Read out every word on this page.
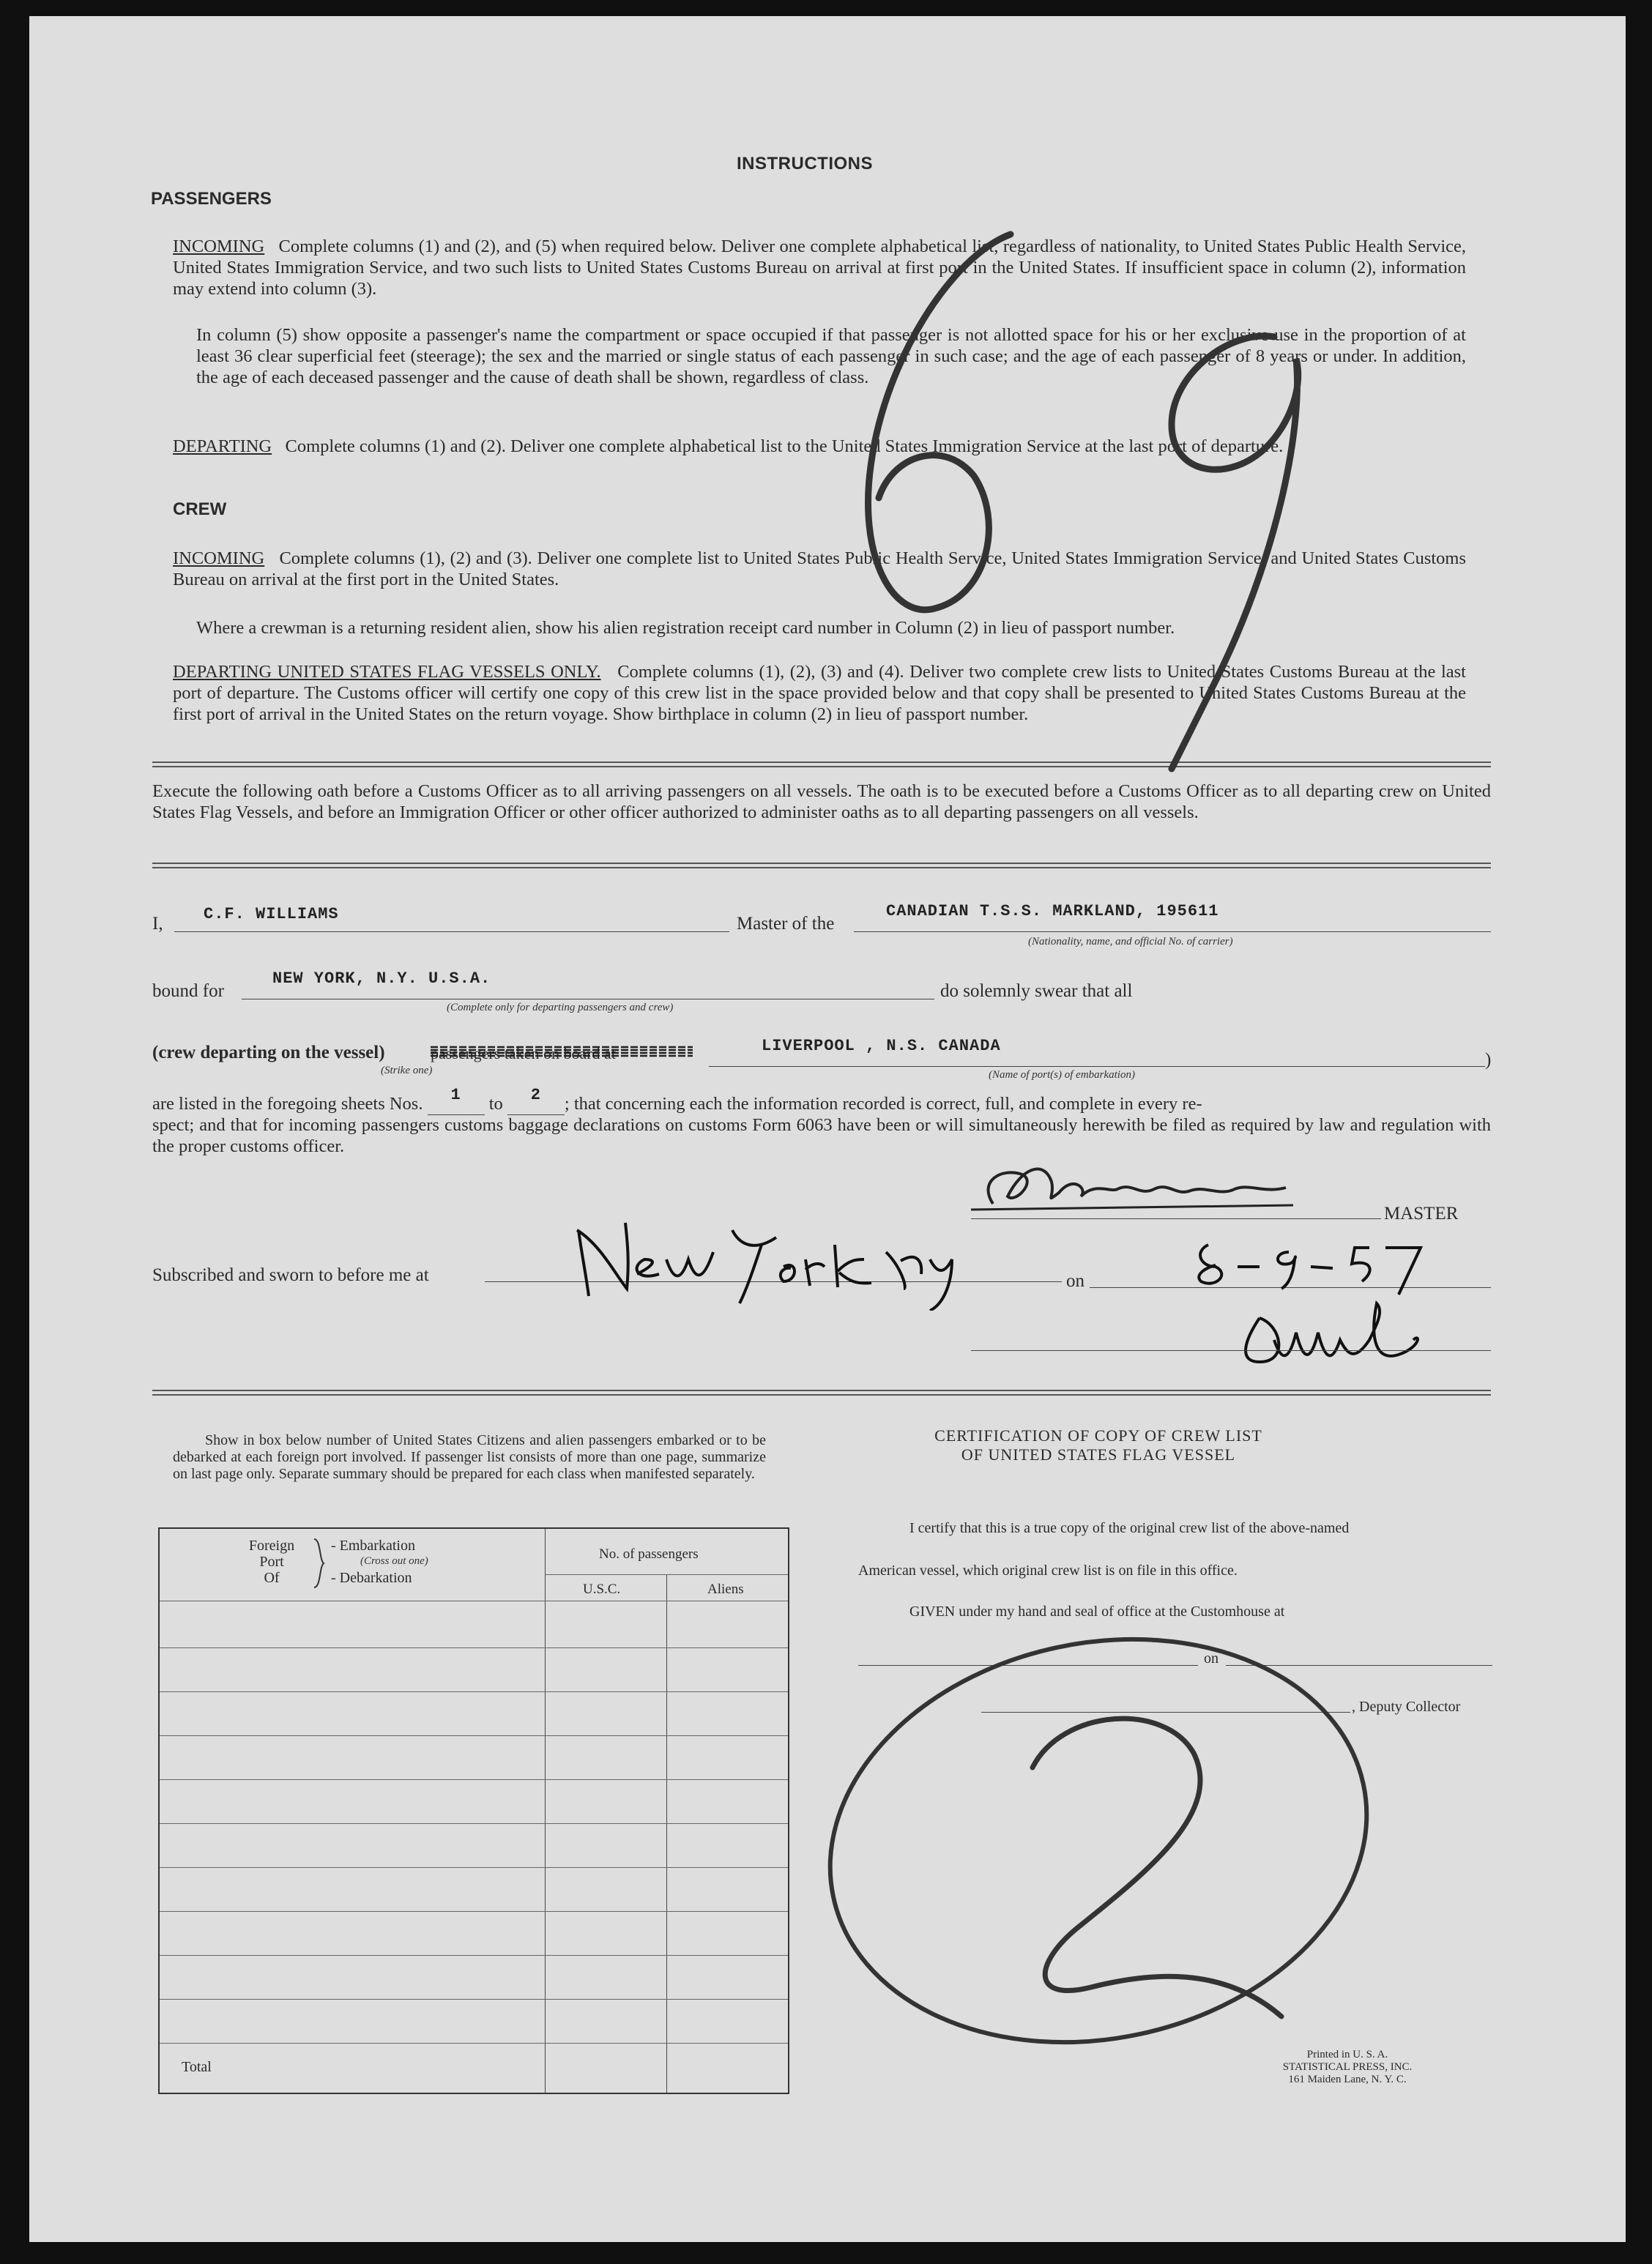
INSTRUCTIONS
PASSENGERS
INCOMING Complete columns (1) and (2), and (5) when required below. Deliver one complete alphabetical list, regardless of nationality, to United States Public Health Service, United States Immigration Service, and two such lists to United States Customs Bureau on arrival at first port in the United States. If insufficient space in column (2), information may extend into column (3).
In column (5) show opposite a passenger's name the compartment or space occupied if that passenger is not allotted space for his or her exclusive use in the proportion of at least 36 clear superficial feet (steerage); the sex and the married or single status of each passenger in such case; and the age of each passenger of 8 years or under. In addition, the age of each deceased passenger and the cause of death shall be shown, regardless of class.
DEPARTING Complete columns (1) and (2). Deliver one complete alphabetical list to the United States Immigration Service at the last port of departure.
CREW
INCOMING Complete columns (1), (2) and (3). Deliver one complete list to United States Public Health Service, United States Immigration Service, and United States Customs Bureau on arrival at the first port in the United States.
Where a crewman is a returning resident alien, show his alien registration receipt card number in Column (2) in lieu of passport number.
DEPARTING UNITED STATES FLAG VESSELS ONLY. Complete columns (1), (2), (3) and (4). Deliver two complete crew lists to United States Customs Bureau at the last port of departure. The Customs officer will certify one copy of this crew list in the space provided below and that copy shall be presented to United States Customs Bureau at the first port of arrival in the United States on the return voyage. Show birthplace in column (2) in lieu of passport number.
Execute the following oath before a Customs Officer as to all arriving passengers on all vessels. The oath is to be executed before a Customs Officer as to all departing crew on United States Flag Vessels, and before an Immigration Officer or other officer authorized to administer oaths as to all departing passengers on all vessels.
I,	C.F. WILLIAMS	Master of the
CANADIAN T.S.S. MARKLAND, 195611
(Nationality, name, and official No. of carrier)
bound for
NEW YORK, N.Y. U.S.A.
(Complete only for departing passengers and crew)
do solemnly swear that all
(crew departing on the vessel)
(Strike one)
LIVERPOOL , N.S. CANADA
)
(Name of port(s) of embarkation)
are listed in the foregoing sheets Nos. 1 to 2 ; that concerning each the information recorded is correct, full, and complete in every re-
spect; and that for incoming passengers customs baggage declarations on customs Form 6063 have been or will simultaneously herewith be filed as required by law and regulation with the proper customs officer.
MASTER
Subscribed and sworn to before me at	on
Show in box below number of United States Citizens and alien passengers embarked or to be debarked at each foreign port involved. If passenger list consists of more than one page, summarize on last page only. Separate summary should be prepared for each class when manifested separately.
Foreign
Port
Of
- Embarkation
(Cross out one)
- Debarkation
No. of passengers
U.S.C.	Aliens
Total
CERTIFICATION OF COPY OF CREW LIST
OF UNITED STATES FLAG VESSEL
I certify that this is a true copy of the original crew list of the above-named
American vessel, which original crew list is on file in this office.
GIVEN under my hand and seal of office at the Customhouse at
on
, Deputy Collector
Printed in U. S. A.
STATISTICAL PRESS, INC.
161 Maiden Lane, N. Y. C.
